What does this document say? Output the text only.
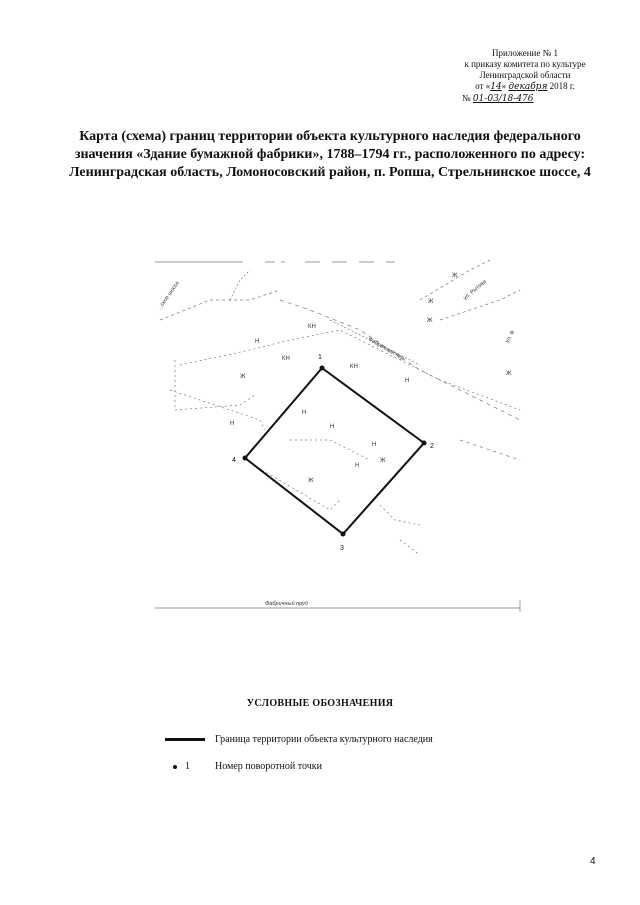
Приложение № 1
к приказу комитета по культуре
Ленинградской области
от «14» декабря 2018 г.
№ 01-03/18-476
Карта (схема) границ территории объекта культурного наследия федерального
значения «Здание бумажной фабрики», 1788–1794 гг., расположенного по адресу:
Ленинградская область, Ломоносовский район, п. Ропша, Стрельнинское шоссе, 4
Ж
Ж
Ж
КН
КН
КН
Н
Н
Н
Н
Н
Н
Ж
Ж
Н
Ж
Ж
...ское шоссе
Фабричный пер.
ул. Рытова
ул. Ф
Фабричный пруд
1
2
3
4
УСЛОВНЫЕ ОБОЗНАЧЕНИЯ
Граница территории объекта культурного наследия
1	Номер поворотной точки
4
